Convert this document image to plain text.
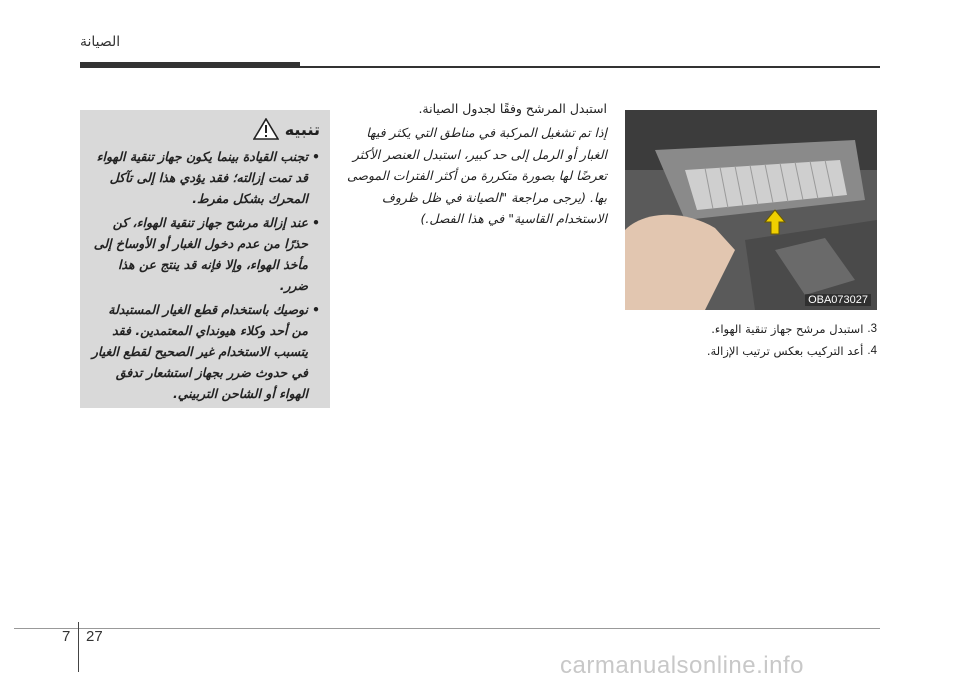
الصيانة
تنبيه
• تجنب القيادة بينما يكون جهاز تنقية الهواء قد تمت إزالته؛ فقد يؤدي هذا إلى تآكل المحرك بشكل مفرط.
• عند إزالة مرشح جهاز تنقية الهواء، كن حذرًا من عدم دخول الغبار أو الأوساخ إلى مأخذ الهواء، وإلا فإنه قد ينتج عن هذا ضرر.
• نوصيك باستخدام قطع الغيار المستبدلة من أحد وكلاء هيونداي المعتمدين. فقد يتسبب الاستخدام غير الصحيح لقطع الغيار في حدوث ضرر بجهاز استشعار تدفق الهواء أو الشاحن التربيني.

استبدل المرشح وفقًا لجدول الصيانة.

إذا تم تشغيل المركبة في مناطق التي يكثر فيها الغبار أو الرمل إلى حد كبير، استبدل العنصر الأكثر تعرضًا لها بصورة متكررة من أكثر الفترات الموصى بها. (يرجى مراجعة "الصيانة في ظل ظروف الاستخدام القاسية" في هذا الفصل.)

OBA073027
3.
استبدل مرشح جهاز تنقية الهواء.
4.
أعد التركيب بعكس ترتيب الإزالة.
7 27
carmanualsonline.info
